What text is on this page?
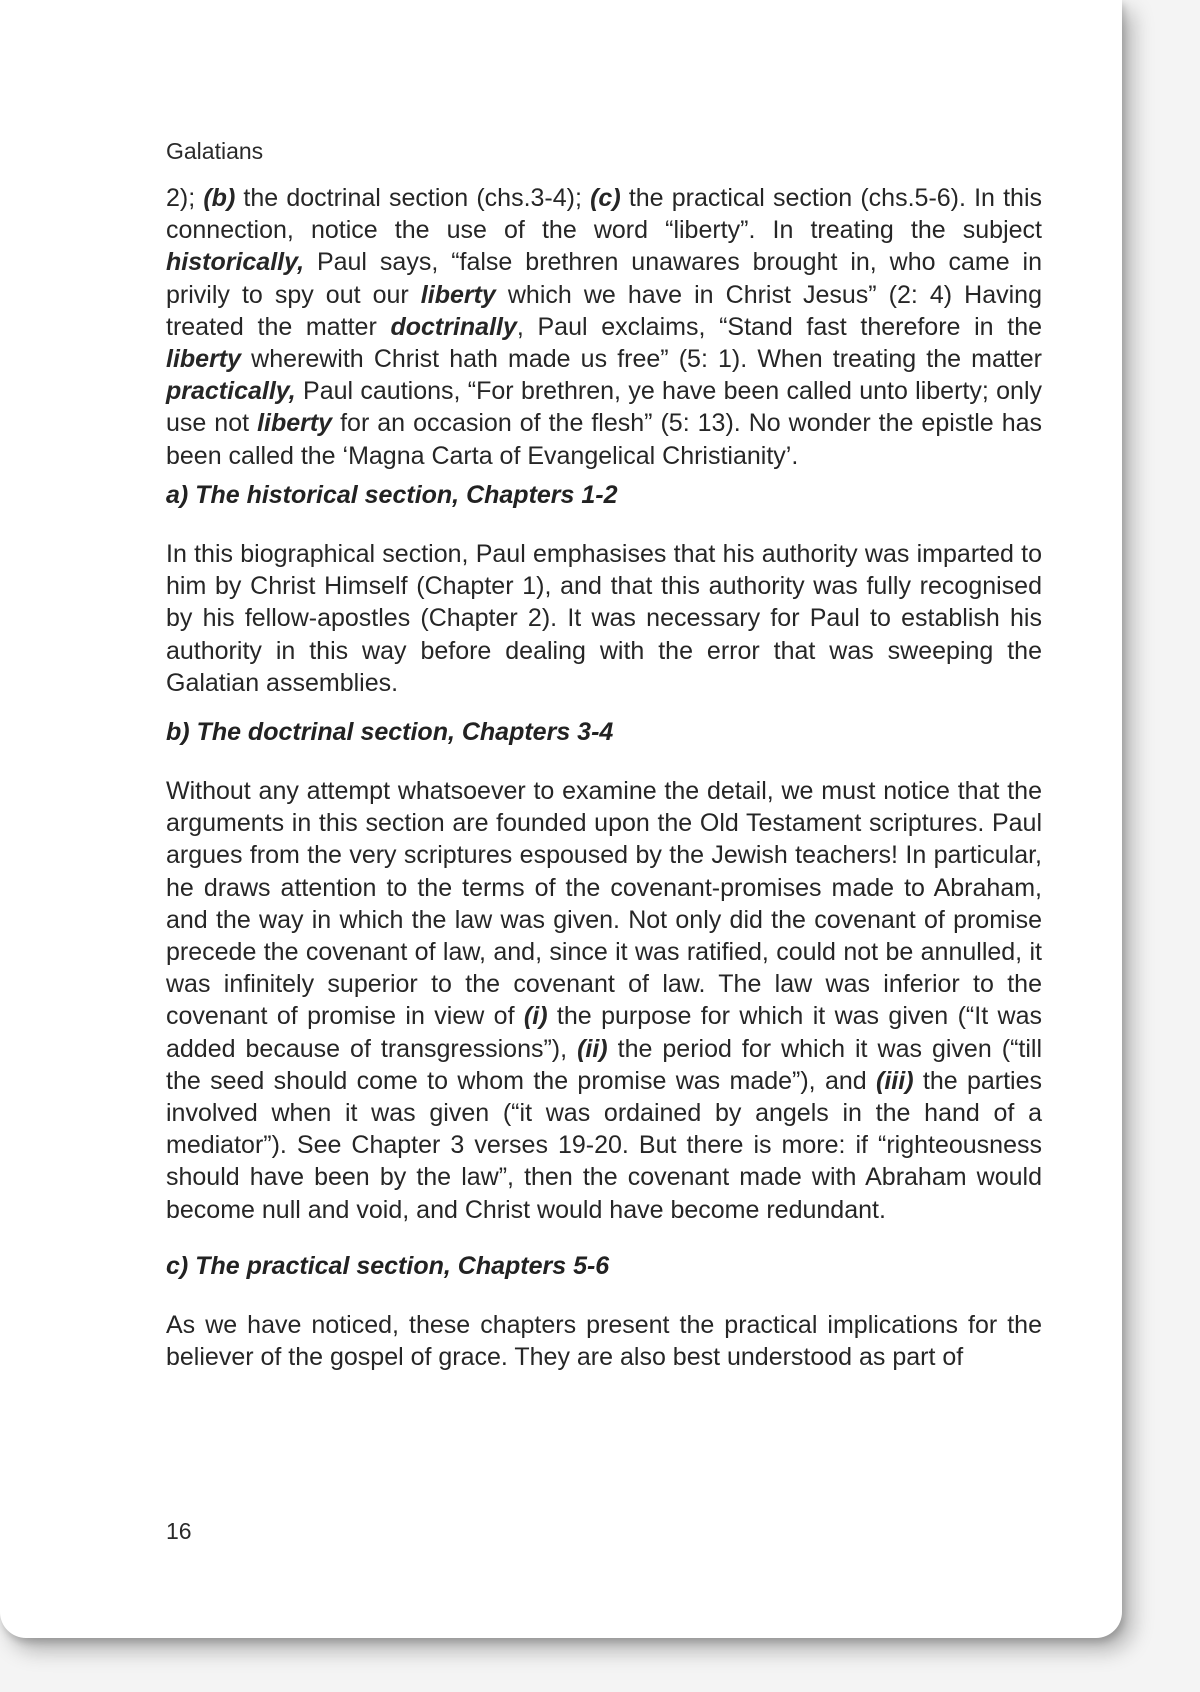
Galatians

2); (b) the doctrinal section (chs.3-4); (c) the practical section (chs.5-6). In this connection, notice the use of the word “liberty”. In treating the subject historically, Paul says, “false brethren unawares brought in, who came in privily to spy out our liberty which we have in Christ Jesus” (2: 4) Having treated the matter doctrinally, Paul exclaims, “Stand fast therefore in the liberty wherewith Christ hath made us free” (5: 1). When treating the matter practically, Paul cautions, “For brethren, ye have been called unto liberty; only use not liberty for an occasion of the flesh” (5: 13). No wonder the epistle has been called the ‘Magna Carta of Evangelical Christianity’.

a) The historical section, Chapters 1-2

In this biographical section, Paul emphasises that his authority was imparted to him by Christ Himself (Chapter 1), and that this authority was fully recognised by his fellow-apostles (Chapter 2). It was necessary for Paul to establish his authority in this way before dealing with the error that was sweeping the Galatian assemblies.

b) The doctrinal section, Chapters 3-4

Without any attempt whatsoever to examine the detail, we must notice that the arguments in this section are founded upon the Old Testament scriptures. Paul argues from the very scriptures espoused by the Jewish teachers! In particular, he draws attention to the terms of the covenant-promises made to Abraham, and the way in which the law was given. Not only did the covenant of promise precede the covenant of law, and, since it was ratified, could not be annulled, it was infinitely superior to the covenant of law. The law was inferior to the covenant of promise in view of (i) the purpose for which it was given (“It was added because of transgressions”), (ii) the period for which it was given (“till the seed should come to whom the promise was made”), and (iii) the parties involved when it was given (“it was ordained by angels in the hand of a mediator”). See Chapter 3 verses 19-20. But there is more: if “righteousness should have been by the law”, then the covenant made with Abraham would become null and void, and Christ would have become redundant.

c) The practical section, Chapters 5-6

As we have noticed, these chapters present the practical implications for the believer of the gospel of grace. They are also best understood as part of

16
